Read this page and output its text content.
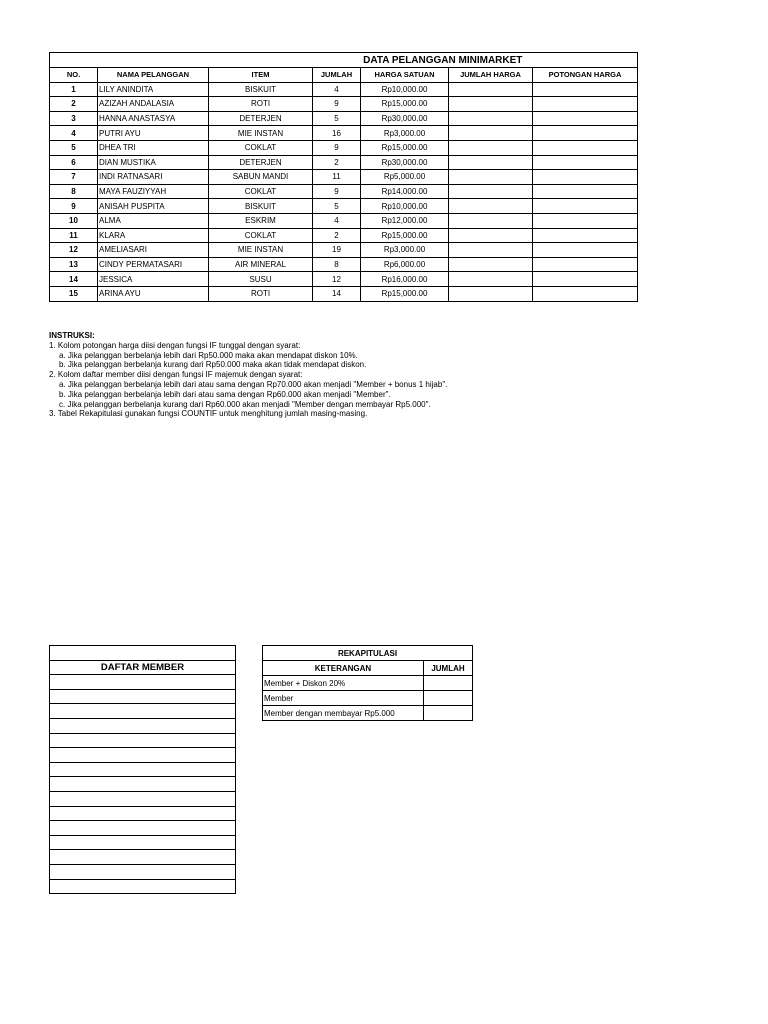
		DATA PELANGGAN MINIMARKET				
NO.	NAMA PELANGGAN	ITEM	JUMLAH	HARGA SATUAN	JUMLAH HARGA	POTONGAN HARGA
1	LILY ANINDITA	BISKUIT	4	Rp10,000.00		
2	AZIZAH ANDALASIA	ROTI	9	Rp15,000.00		
3	HANNA ANASTASYA	DETERJEN	5	Rp30,000.00		
4	PUTRI AYU	MIE INSTAN	16	Rp3,000.00		
5	DHEA TRI	COKLAT	9	Rp15,000.00		
6	DIAN MUSTIKA	DETERJEN	2	Rp30,000.00		
7	INDI RATNASARI	SABUN MANDI	11	Rp5,000.00		
8	MAYA FAUZIYYAH	COKLAT	9	Rp14,000.00		
9	ANISAH PUSPITA	BISKUIT	5	Rp10,000.00		
10	ALMA	ESKRIM	4	Rp12,000.00		
11	KLARA	COKLAT	2	Rp15,000.00		
12	AMELIASARI	MIE INSTAN	19	Rp3,000.00		
13	CINDY PERMATASARI	AIR MINERAL	8	Rp6,000.00		
14	JESSICA	SUSU	12	Rp16,000.00		
15	ARINA AYU	ROTI	14	Rp15,000.00		
INSTRUKSI:
1. Kolom potongan harga diisi dengan fungsi IF tunggal dengan syarat:
a. Jika pelanggan berbelanja lebih dari Rp50.000 maka akan mendapat diskon 10%.
b. Jika pelanggan berbelanja kurang dari Rp50.000 maka akan tidak mendapat diskon.
2. Kolom daftar member diisi dengan fungsi IF majemuk dengan syarat:
a. Jika pelanggan berbelanja lebih dari atau sama dengan Rp70.000 akan menjadi "Member + bonus 1 hijab".
b. Jika pelanggan berbelanja lebih dari atau sama dengan Rp60.000 akan menjadi "Member".
c. Jika pelanggan berbelanja kurang dari Rp60.000 akan menjadi "Member dengan membayar Rp5.000".
3. Tabel Rekapitulasi gunakan fungsi COUNTIF untuk menghitung jumlah masing-masing.

DAFTAR MEMBER

REKAPITULASI	
KETERANGAN	JUMLAH
Member + Diskon 20%	
Member	
Member dengan membayar Rp5.000	
